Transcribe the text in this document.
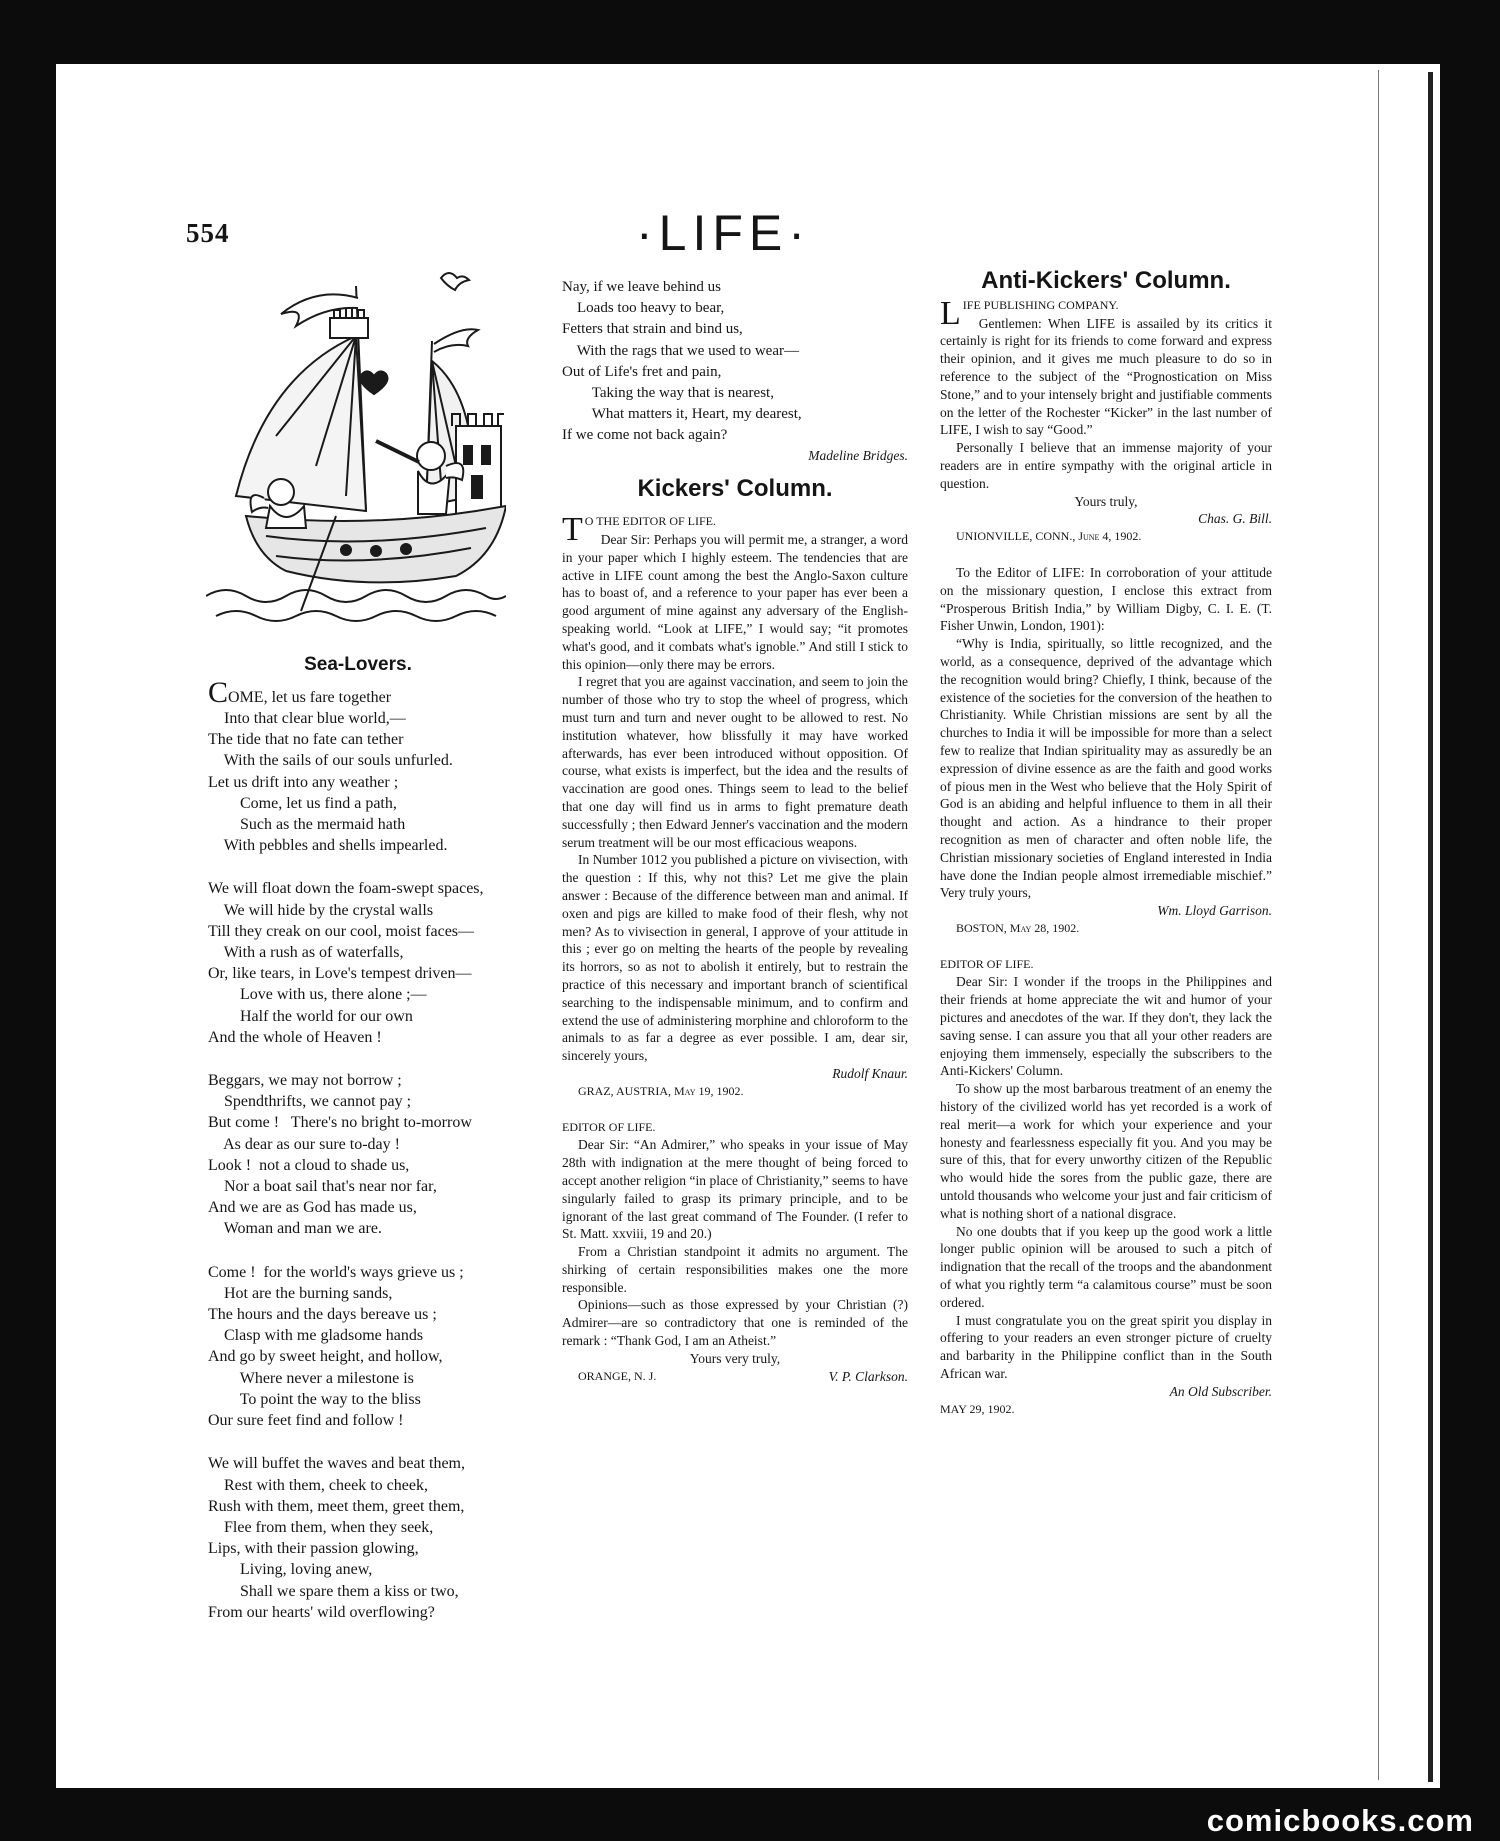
554	·LIFE·
Sea-Lovers.
COME, let us fare together
Into that clear blue world,—
The tide that no fate can tether
With the sails of our souls unfurled.
Let us drift into any weather ;
Come, let us find a path,
Such as the mermaid hath
With pebbles and shells impearled.
We will float down the foam-swept spaces,
We will hide by the crystal walls
Till they creak on our cool, moist faces—
With a rush as of waterfalls,
Or, like tears, in Love's tempest driven—
Love with us, there alone ;—
Half the world for our own
And the whole of Heaven !
Beggars, we may not borrow ;
Spendthrifts, we cannot pay ;
But come !   There's no bright to-morrow
As dear as our sure to-day !
Look !  not a cloud to shade us,
Nor a boat sail that's near nor far,
And we are as God has made us,
Woman and man we are.
Come !  for the world's ways grieve us ;
Hot are the burning sands,
The hours and the days bereave us ;
Clasp with me gladsome hands
And go by sweet height, and hollow,
Where never a milestone is
To point the way to the bliss
Our sure feet find and follow !
We will buffet the waves and beat them,
Rest with them, cheek to cheek,
Rush with them, meet them, greet them,
Flee from them, when they seek,
Lips, with their passion glowing,
Living, loving anew,
Shall we spare them a kiss or two,
From our hearts' wild overflowing?
Nay, if we leave behind us
Loads too heavy to bear,
Fetters that strain and bind us,
With the rags that we used to wear—
Out of Life's fret and pain,
Taking the way that is nearest,
What matters it, Heart, my dearest,
If we come not back again?
Madeline Bridges.
Kickers' Column.
T O THE EDITOR OF LIFE.

Dear Sir: Perhaps you will permit me, a stranger, a word in your paper which I highly esteem. The tendencies that are active in LIFE count among the best the Anglo-Saxon culture has to boast of, and a reference to your paper has ever been a good argument of mine against any adversary of the English-speaking world. “Look at LIFE,” I would say; “it promotes what's good, and it combats what's ignoble.” And still I stick to this opinion—only there may be errors.

I regret that you are against vaccination, and seem to join the number of those who try to stop the wheel of progress, which must turn and turn and never ought to be allowed to rest. No institution whatever, how blissfully it may have worked afterwards, has ever been introduced without opposition. Of course, what exists is imperfect, but the idea and the results of vaccination are good ones. Things seem to lead to the belief that one day will find us in arms to fight premature death successfully ; then Edward Jenner's vaccination and the modern serum treatment will be our most efficacious weapons.

In Number 1012 you published a picture on vivisection, with the question : If this, why not this? Let me give the plain answer : Because of the difference between man and animal. If oxen and pigs are killed to make food of their flesh, why not men? As to vivisection in general, I approve of your attitude in this ; ever go on melting the hearts of the people by revealing its horrors, so as not to abolish it entirely, but to restrain the practice of this necessary and important branch of scientifical searching to the indispensable minimum, and to confirm and extend the use of administering morphine and chloroform to the animals to as far a degree as ever possible. I am, dear sir, sincerely yours,

Rudolf Knaur.
GRAZ, AUSTRIA, May 19, 1902.
EDITOR OF LIFE.

Dear Sir: “An Admirer,” who speaks in your issue of May 28th with indignation at the mere thought of being forced to accept another religion “in place of Christianity,” seems to have singularly failed to grasp its primary principle, and to be ignorant of the last great command of The Founder. (I refer to St. Matt. xxviii, 19 and 20.)

From a Christian standpoint it admits no argument. The shirking of certain responsibilities makes one the more responsible.

Opinions—such as those expressed by your Christian (?) Admirer—are so contradictory that one is reminded of the remark : “Thank God, I am an Atheist.”

Yours very truly,
ORANGE, N. J.	V. P. Clarkson.
Anti-Kickers' Column.
LIFE PUBLISHING COMPANY.

Gentlemen: When LIFE is assailed by its critics it certainly is right for its friends to come forward and express their opinion, and it gives me much pleasure to do so in reference to the subject of the “Prognostication on Miss Stone,” and to your intensely bright and justifiable comments on the letter of the Rochester “Kicker” in the last number of LIFE, I wish to say “Good.”

Personally I believe that an immense majority of your readers are in entire sympathy with the original article in question.

Yours truly,
Chas. G. Bill.
UNIONVILLE, CONN., June 4, 1902.

To the Editor of LIFE: In corroboration of your attitude on the missionary question, I enclose this extract from “Prosperous British India,” by William Digby, C. I. E. (T. Fisher Unwin, London, 1901):

“Why is India, spiritually, so little recognized, and the world, as a consequence, deprived of the advantage which the recognition would bring? Chiefly, I think, because of the existence of the societies for the conversion of the heathen to Christianity. While Christian missions are sent by all the churches to India it will be impossible for more than a select few to realize that Indian spirituality may as assuredly be an expression of divine essence as are the faith and good works of pious men in the West who believe that the Holy Spirit of God is an abiding and helpful influence to them in all their thought and action. As a hindrance to their proper recognition as men of character and often noble life, the Christian missionary societies of England interested in India have done the Indian people almost irremediable mischief.” Very truly yours,

Wm. Lloyd Garrison.
BOSTON, May 28, 1902.
EDITOR OF LIFE.

Dear Sir: I wonder if the troops in the Philippines and their friends at home appreciate the wit and humor of your pictures and anecdotes of the war. If they don't, they lack the saving sense. I can assure you that all your other readers are enjoying them immensely, especially the subscribers to the Anti-Kickers' Column.

To show up the most barbarous treatment of an enemy the history of the civilized world has yet recorded is a work of real merit—a work for which your experience and your honesty and fearlessness especially fit you. And you may be sure of this, that for every unworthy citizen of the Republic who would hide the sores from the public gaze, there are untold thousands who welcome your just and fair criticism of what is nothing short of a national disgrace.

No one doubts that if you keep up the good work a little longer public opinion will be aroused to such a pitch of indignation that the recall of the troops and the abandonment of what you rightly term “a calamitous course” must be soon ordered.

I must congratulate you on the great spirit you display in offering to your readers an even stronger picture of cruelty and barbarity in the Philippine conflict than in the South African war.

An Old Subscriber.
MAY 29, 1902.
comicbooks.com
